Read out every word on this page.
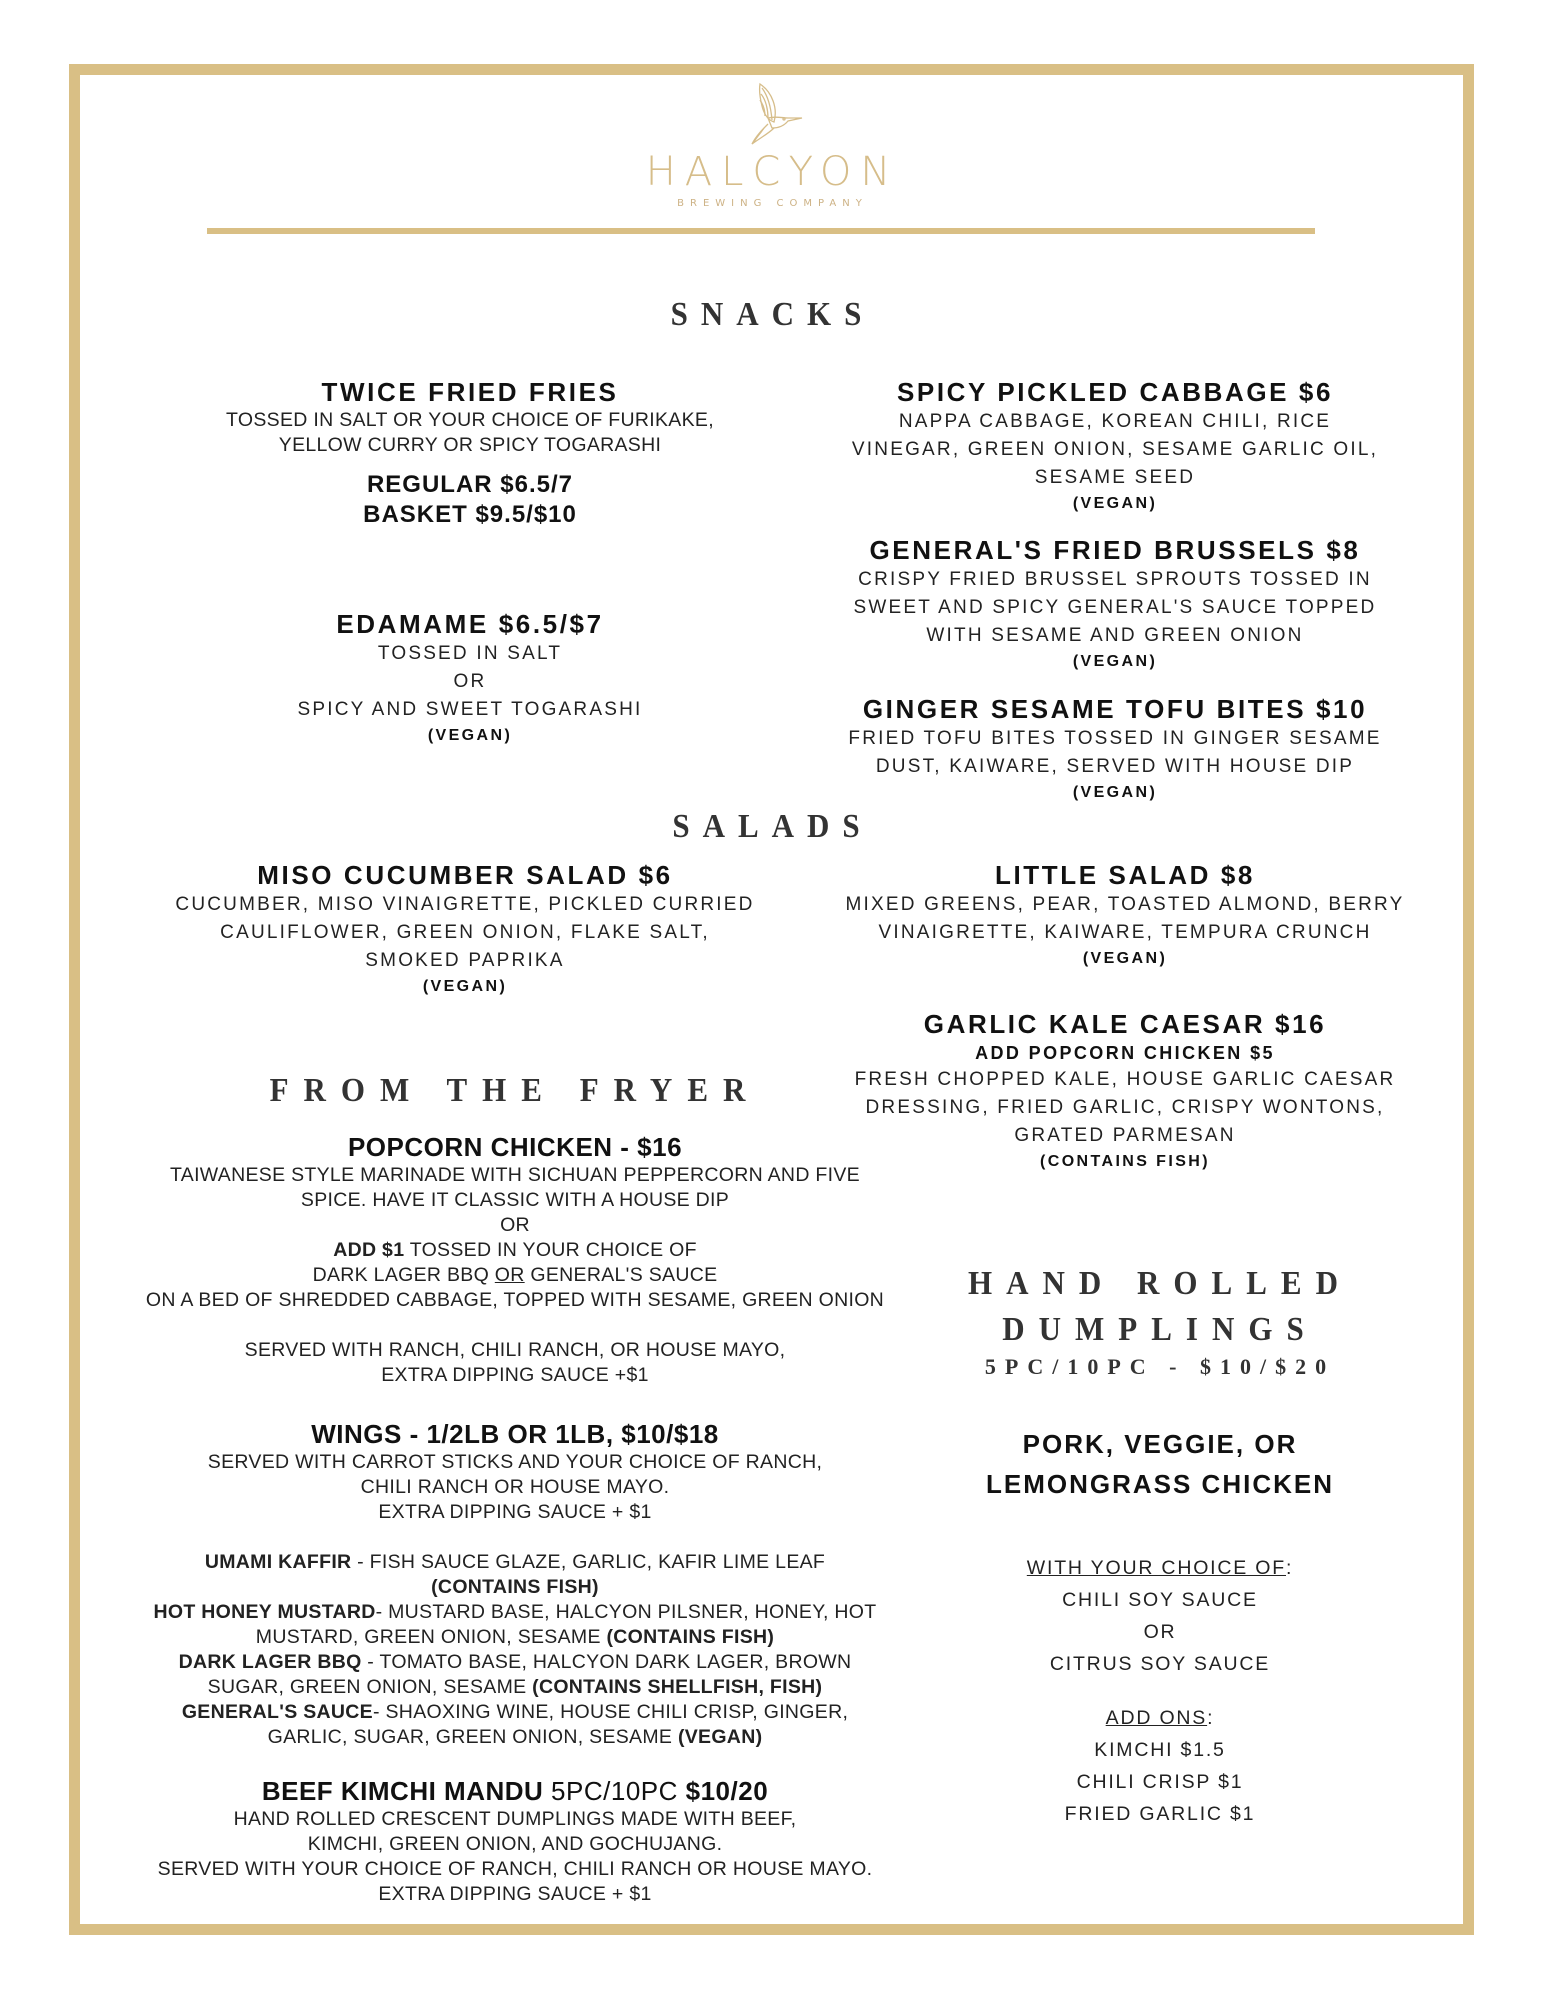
HALCYON
BREWING COMPANY
SNACKS
TWICE FRIED FRIES
TOSSED IN SALT OR YOUR CHOICE OF FURIKAKE,
YELLOW CURRY OR SPICY TOGARASHI
REGULAR $6.5/7
BASKET $9.5/$10
EDAMAME $6.5/$7
TOSSED IN SALT
OR
SPICY AND SWEET TOGARASHI
(VEGAN)
SPICY PICKLED CABBAGE $6
NAPPA CABBAGE, KOREAN CHILI, RICE
VINEGAR, GREEN ONION, SESAME GARLIC OIL,
SESAME SEED
(VEGAN)
GENERAL'S FRIED BRUSSELS $8
CRISPY FRIED BRUSSEL SPROUTS TOSSED IN
SWEET AND SPICY GENERAL'S SAUCE TOPPED
WITH SESAME AND GREEN ONION
(VEGAN)
GINGER SESAME TOFU BITES $10
FRIED TOFU BITES TOSSED IN GINGER SESAME
DUST, KAIWARE, SERVED WITH HOUSE DIP
(VEGAN)
SALADS
MISO CUCUMBER SALAD $6
CUCUMBER, MISO VINAIGRETTE, PICKLED CURRIED
CAULIFLOWER, GREEN ONION, FLAKE SALT,
SMOKED PAPRIKA
(VEGAN)
LITTLE SALAD $8
MIXED GREENS, PEAR, TOASTED ALMOND, BERRY
VINAIGRETTE, KAIWARE, TEMPURA CRUNCH
(VEGAN)
GARLIC KALE CAESAR $16
ADD POPCORN CHICKEN $5
FRESH CHOPPED KALE, HOUSE GARLIC CAESAR
DRESSING, FRIED GARLIC, CRISPY WONTONS,
GRATED PARMESAN
(CONTAINS FISH)
FROM THE FRYER
POPCORN CHICKEN - $16
TAIWANESE STYLE MARINADE WITH SICHUAN PEPPERCORN AND FIVE
SPICE. HAVE IT CLASSIC WITH A HOUSE DIP
OR
ADD $1 TOSSED IN YOUR CHOICE OF
DARK LAGER BBQ OR GENERAL'S SAUCE
ON A BED OF SHREDDED CABBAGE, TOPPED WITH SESAME, GREEN ONION
SERVED WITH RANCH, CHILI RANCH, OR HOUSE MAYO,
EXTRA DIPPING SAUCE +$1
WINGS - 1/2LB OR 1LB, $10/$18
SERVED WITH CARROT STICKS AND YOUR CHOICE OF RANCH,
CHILI RANCH OR HOUSE MAYO.
EXTRA DIPPING SAUCE + $1
UMAMI KAFFIR - FISH SAUCE GLAZE, GARLIC, KAFIR LIME LEAF
(CONTAINS FISH)
HOT HONEY MUSTARD- MUSTARD BASE, HALCYON PILSNER, HONEY, HOT
MUSTARD, GREEN ONION, SESAME (CONTAINS FISH)
DARK LAGER BBQ - TOMATO BASE, HALCYON DARK LAGER, BROWN
SUGAR, GREEN ONION, SESAME (CONTAINS SHELLFISH, FISH)
GENERAL'S SAUCE- SHAOXING WINE, HOUSE CHILI CRISP, GINGER,
GARLIC, SUGAR, GREEN ONION, SESAME (VEGAN)
BEEF KIMCHI MANDU 5PC/10PC $10/20
HAND ROLLED CRESCENT DUMPLINGS MADE WITH BEEF,
KIMCHI, GREEN ONION, AND GOCHUJANG.
SERVED WITH YOUR CHOICE OF RANCH, CHILI RANCH OR HOUSE MAYO.
EXTRA DIPPING SAUCE + $1
HAND ROLLED
DUMPLINGS
5PC/10PC - $10/$20
PORK, VEGGIE, OR
LEMONGRASS CHICKEN
WITH YOUR CHOICE OF:
CHILI SOY SAUCE
OR
CITRUS SOY SAUCE
ADD ONS:
KIMCHI $1.5
CHILI CRISP $1
FRIED GARLIC $1
